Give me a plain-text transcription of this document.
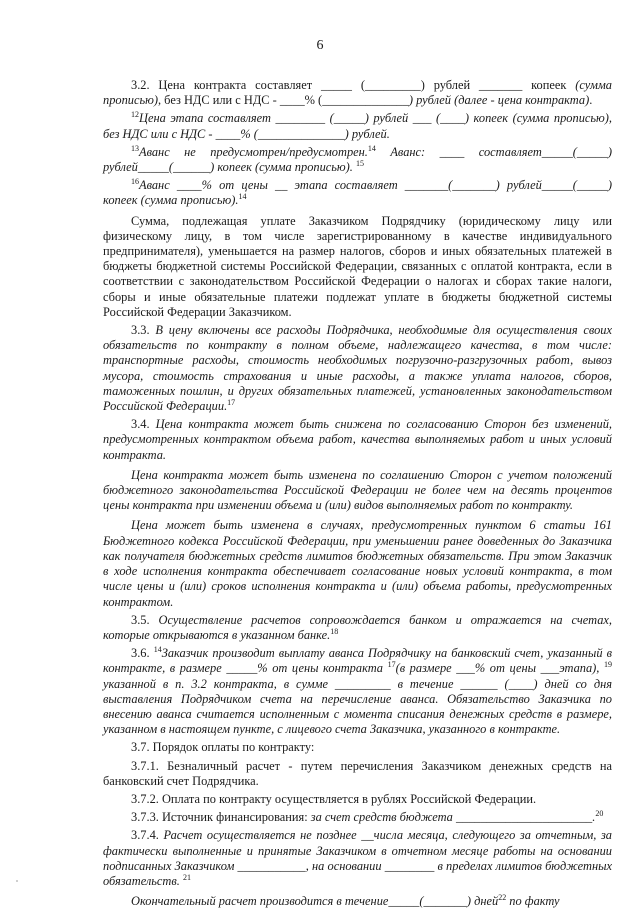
6

3.2. Цена контракта составляет _____ (_________) рублей _______ копеек (сумма прописью), без НДС или с НДС - ____% (______________) рублей (далее - цена контракта).

$^{12}$Цена этапа составляет ________ (_____) рублей ___ (____) копеек (сумма прописью), без НДС или с НДС - ____% (______________) рублей.

$^{13}$Аванс не предусмотрен/предусмотрен.$^{14}$ Аванс: ____ составляет_____(_____) рублей_____(______) копеек (сумма прописью). $^{15}$

$^{16}$Аванс ____% от цены __ этапа составляет _______(_______) рублей_____(_____) копеек (сумма прописью).$^{14}$

Сумма, подлежащая уплате Заказчиком Подрядчику (юридическому лицу или физическому лицу, в том числе зарегистрированному в качестве индивидуального предпринимателя), уменьшается на размер налогов, сборов и иных обязательных платежей в бюджеты бюджетной системы Российской Федерации, связанных с оплатой контракта, если в соответствии с законодательством Российской Федерации о налогах и сборах такие налоги, сборы и иные обязательные платежи подлежат уплате в бюджеты бюджетной системы Российской Федерации Заказчиком.

3.3. В цену включены все расходы Подрядчика, необходимые для осуществления своих обязательств по контракту в полном объеме, надлежащего качества, в том числе: транспортные расходы, стоимость необходимых погрузочно-разгрузочных работ, вывоз мусора, стоимость страхования и иные расходы, а также уплата налогов, сборов, таможенных пошлин, и других обязательных платежей, установленных законодательством Российской Федерации.$^{17}$

3.4. Цена контракта может быть снижена по согласованию Сторон без изменений, предусмотренных контрактом объема работ, качества выполняемых работ и иных условий контракта.

Цена контракта может быть изменена по соглашению Сторон с учетом положений бюджетного законодательства Российской Федерации не более чем на десять процентов цены контракта при изменении объема и (или) видов выполняемых работ по контракту.

Цена может быть изменена в случаях, предусмотренных пунктом 6 статьи 161 Бюджетного кодекса Российской Федерации, при уменьшении ранее доведенных до Заказчика как получателя бюджетных средств лимитов бюджетных обязательств. При этом Заказчик в ходе исполнения контракта обеспечивает согласование новых условий контракта, в том числе цены и (или) сроков исполнения контракта и (или) объема работы, предусмотренных контрактом.

3.5. Осуществление расчетов сопровождается банком и отражается на счетах, которые открываются в указанном банке.$^{18}$

3.6. $^{14}$Заказчик производит выплату аванса Подрядчику на банковский счет, указанный в контракте, в размере _____% от цены контракта $^{17}$(в размере ___% от цены ___этапа), $^{19}$ указанной в п. 3.2 контракта, в сумме _________ в течение ______ (____) дней со дня выставления Подрядчиком счета на перечисление аванса. Обязательство Заказчика по внесению аванса считается исполненным с момента списания денежных средств в размере, указанном в настоящем пункте, с лицевого счета Заказчика, указанного в контракте.

3.7. Порядок оплаты по контракту:

3.7.1. Безналичный расчет - путем перечисления Заказчиком денежных средств на банковский счет Подрядчика.

3.7.2. Оплата по контракту осуществляется в рублях Российской Федерации.

3.7.3. Источник финансирования: за счет средств бюджета ______________________.$^{20}$

3.7.4. Расчет осуществляется не позднее __числа месяца, следующего за отчетным, за фактически выполненные и принятые Заказчиком в отчетном месяце работы на основании подписанных Заказчиком ___________, на основании ________ в пределах лимитов бюджетных обязательств. $^{21}$

Окончательный расчет производится в течение_____(_______) дней$^{22}$ по факту
